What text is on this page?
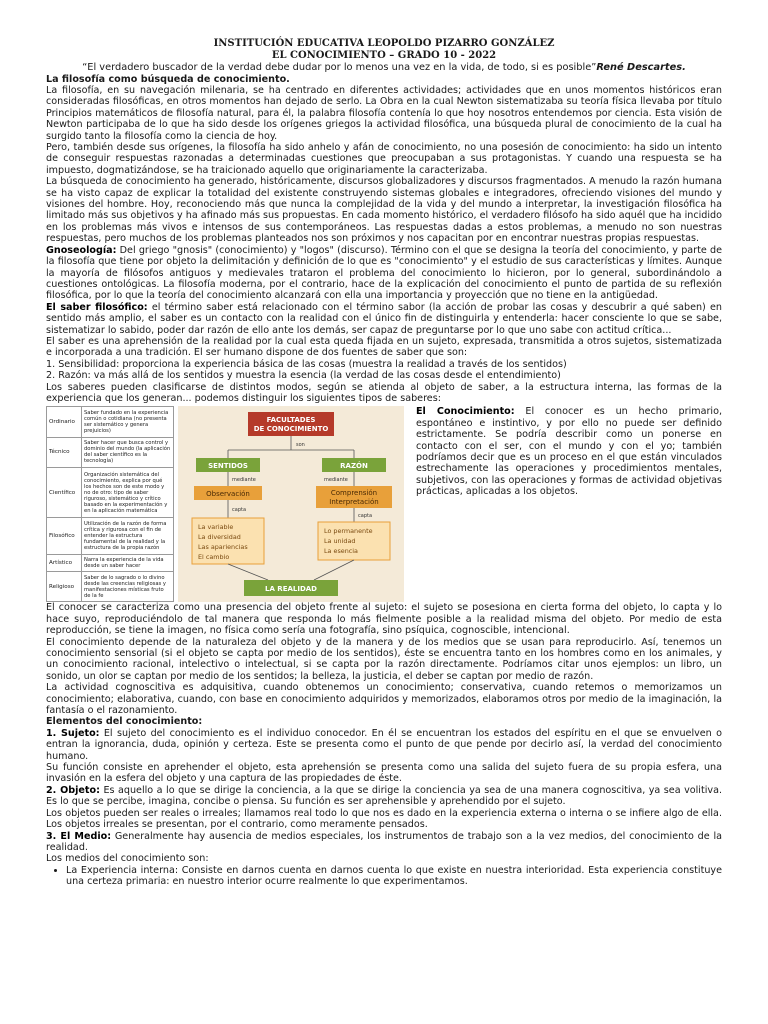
INSTITUCIÓN EDUCATIVA LEOPOLDO PIZARRO GONZÁLEZ
EL CONOCIMIENTO – GRADO 10 - 2022
“El verdadero buscador de la verdad debe dudar por lo menos una vez en la vida, de todo, si es posible”René Descartes.

La filosofía como búsqueda de conocimiento.

La filosofía, en su navegación milenaria, se ha centrado en diferentes actividades; actividades que en unos momentos históricos eran consideradas filosóficas, en otros momentos han dejado de serlo. La Obra en la cual Newton sistematizaba su teoría física llevaba por título Principios matemáticos de filosofía natural, para él, la palabra filosofía contenía lo que hoy nosotros entendemos por ciencia. Esta visión de Newton participaba de lo que ha sido desde los orígenes griegos la actividad filosófica, una búsqueda plural de conocimiento de la cual ha surgido tanto la filosofía como la ciencia de hoy.

Pero, también desde sus orígenes, la filosofía ha sido anhelo y afán de conocimiento, no una posesión de conocimiento: ha sido un intento de conseguir respuestas razonadas a determinadas cuestiones que preocupaban a sus protagonistas. Y cuando una respuesta se ha impuesto, dogmatizándose, se ha traicionado aquello que originariamente la caracterizaba.

La búsqueda de conocimiento ha generado, históricamente, discursos globalizadores y discursos fragmentados. A menudo la razón humana se ha visto capaz de explicar la totalidad del existente construyendo sistemas globales e integradores, ofreciendo visiones del mundo y visiones del hombre. Hoy, reconociendo más que nunca la complejidad de la vida y del mundo a interpretar, la investigación filosófica ha limitado más sus objetivos y ha afinado más sus propuestas. En cada momento histórico, el verdadero filósofo ha sido aquél que ha incidido en los problemas más vivos e intensos de sus contemporáneos. Las respuestas dadas a estos problemas, a menudo no son nuestras respuestas, pero muchos de los problemas planteados nos son próximos y nos capacitan por en encontrar nuestras propias respuestas.

Gnoseología: Del griego "gnosis" (conocimiento) y "logos" (discurso). Término con el que se designa la teoría del conocimiento, y parte de la filosofía que tiene por objeto la delimitación y definición de lo que es "conocimiento" y el estudio de sus características y límites. Aunque la mayoría de filósofos antiguos y medievales trataron el problema del conocimiento lo hicieron, por lo general, subordinándolo a cuestiones ontológicas. La filosofía moderna, por el contrario, hace de la explicación del conocimiento el punto de partida de su reflexión filosófica, por lo que la teoría del conocimiento alcanzará con ella una importancia y proyección que no tiene en la antigüedad.

El saber filosófico: el término saber está relacionado con el término sabor (la acción de probar las cosas y descubrir a qué saben) en sentido más amplio, el saber es un contacto con la realidad con el único fin de distinguirla y entenderla: hacer consciente lo que se sabe, sistematizar lo sabido, poder dar razón de ello ante los demás, ser capaz de preguntarse por lo que uno sabe con actitud crítica...

El saber es una aprehensión de la realidad por la cual esta queda fijada en un sujeto, expresada, transmitida a otros sujetos, sistematizada e incorporada a una tradición. El ser humano dispone de dos fuentes de saber que son:

1. Sensibilidad: proporciona la experiencia básica de las cosas (muestra la realidad a través de los sentidos)

2. Razón: va más allá de los sentidos y muestra la esencia (la verdad de las cosas desde el entendimiento)

Los saberes pueden clasificarse de distintos modos, según se atienda al objeto de saber, a la estructura interna, las formas de la experiencia que los generan... podemos distinguir los siguientes tipos de saberes:

Ordinario	Saber fundado en la experiencia común o cotidiana (no presenta ser sistemático y genera prejuicios)
Técnico	Saber hacer que busca control y dominio del mundo (la aplicación del saber científico es la tecnología)
Científico	Organización sistemática del conocimiento, explica por qué los hechos son de este modo y no de otro: tipo de saber riguroso, sistemático y crítico basado en la experimentación y en la aplicación matemática
Filosófico	Utilización de la razón de forma crítica y rigurosa con el fin de entender la estructura fundamental de la realidad y la estructura de la propia razón
Artístico	Narra la experiencia de la vida desde un saber hacer
Religioso	Saber de lo sagrado o lo divino desde las creencias religiosas y manifestaciones místicas fruto de la fe
FACULTADES
DE CONOCIMIENTO
son
SENTIDOS	RAZÓN
mediante	mediante
Observación	Comprensión
Interpretación
capta
capta
La variable
La diversidad
Las apariencias
El cambio
Lo permanente
La unidad
La esencia
LA REALIDAD

El Conocimiento: El conocer es un hecho primario, espontáneo e instintivo, y por ello no puede ser definido estrictamente. Se podría describir como un ponerse en contacto con el ser, con el mundo y con el yo; también podríamos decir que es un proceso en el que están vinculados estrechamente las operaciones y procedimientos mentales, subjetivos, con las operaciones y formas de actividad objetivas prácticas, aplicadas a los objetos.

El conocer se caracteriza como una presencia del objeto frente al sujeto: el sujeto se posesiona en cierta forma del objeto, lo capta y lo hace suyo, reproduciéndolo de tal manera que responda lo más fielmente posible a la realidad misma del objeto. Por medio de esta reproducción, se tiene la imagen, no física como sería una fotografía, sino psíquica, cognoscible, intencional.

El conocimiento depende de la naturaleza del objeto y de la manera y de los medios que se usan para reproducirlo. Así, tenemos un conocimiento sensorial (si el objeto se capta por medio de los sentidos), éste se encuentra tanto en los hombres como en los animales, y un conocimiento racional, intelectivo o intelectual, si se capta por la razón directamente. Podríamos citar unos ejemplos: un libro, un sonido, un olor se captan por medio de los sentidos; la belleza, la justicia, el deber se captan por medio de razón.

La actividad cognoscitiva es adquisitiva, cuando obtenemos un conocimiento; conservativa, cuando retemos o memorizamos un conocimiento; elaborativa, cuando, con base en conocimiento adquiridos y memorizados, elaboramos otros por medio de la imaginación, la fantasía o el razonamiento.

Elementos del conocimiento:

1. Sujeto: El sujeto del conocimiento es el individuo conocedor. En él se encuentran los estados del espíritu en el que se envuelven o entran la ignorancia, duda, opinión y certeza. Este se presenta como el punto de que pende por decirlo así, la verdad del conocimiento humano.

Su función consiste en aprehender el objeto, esta aprehensión se presenta como una salida del sujeto fuera de su propia esfera, una invasión en la esfera del objeto y una captura de las propiedades de éste.

2. Objeto: Es aquello a lo que se dirige la conciencia, a la que se dirige la conciencia ya sea de una manera cognoscitiva, ya sea volitiva. Es lo que se percibe, imagina, concibe o piensa. Su función es ser aprehensible y aprehendido por el sujeto.

Los objetos pueden ser reales o irreales; llamamos real todo lo que nos es dado en la experiencia externa o interna o se infiere algo de ella. Los objetos irreales se presentan, por el contrario, como meramente pensados.

3. El Medio: Generalmente hay ausencia de medios especiales, los instrumentos de trabajo son a la vez medios, del conocimiento de la realidad.

Los medios del conocimiento son:

• La Experiencia interna: Consiste en darnos cuenta en darnos cuenta lo que existe en nuestra interioridad. Esta experiencia constituye una certeza primaria: en nuestro interior ocurre realmente lo que experimentamos.
